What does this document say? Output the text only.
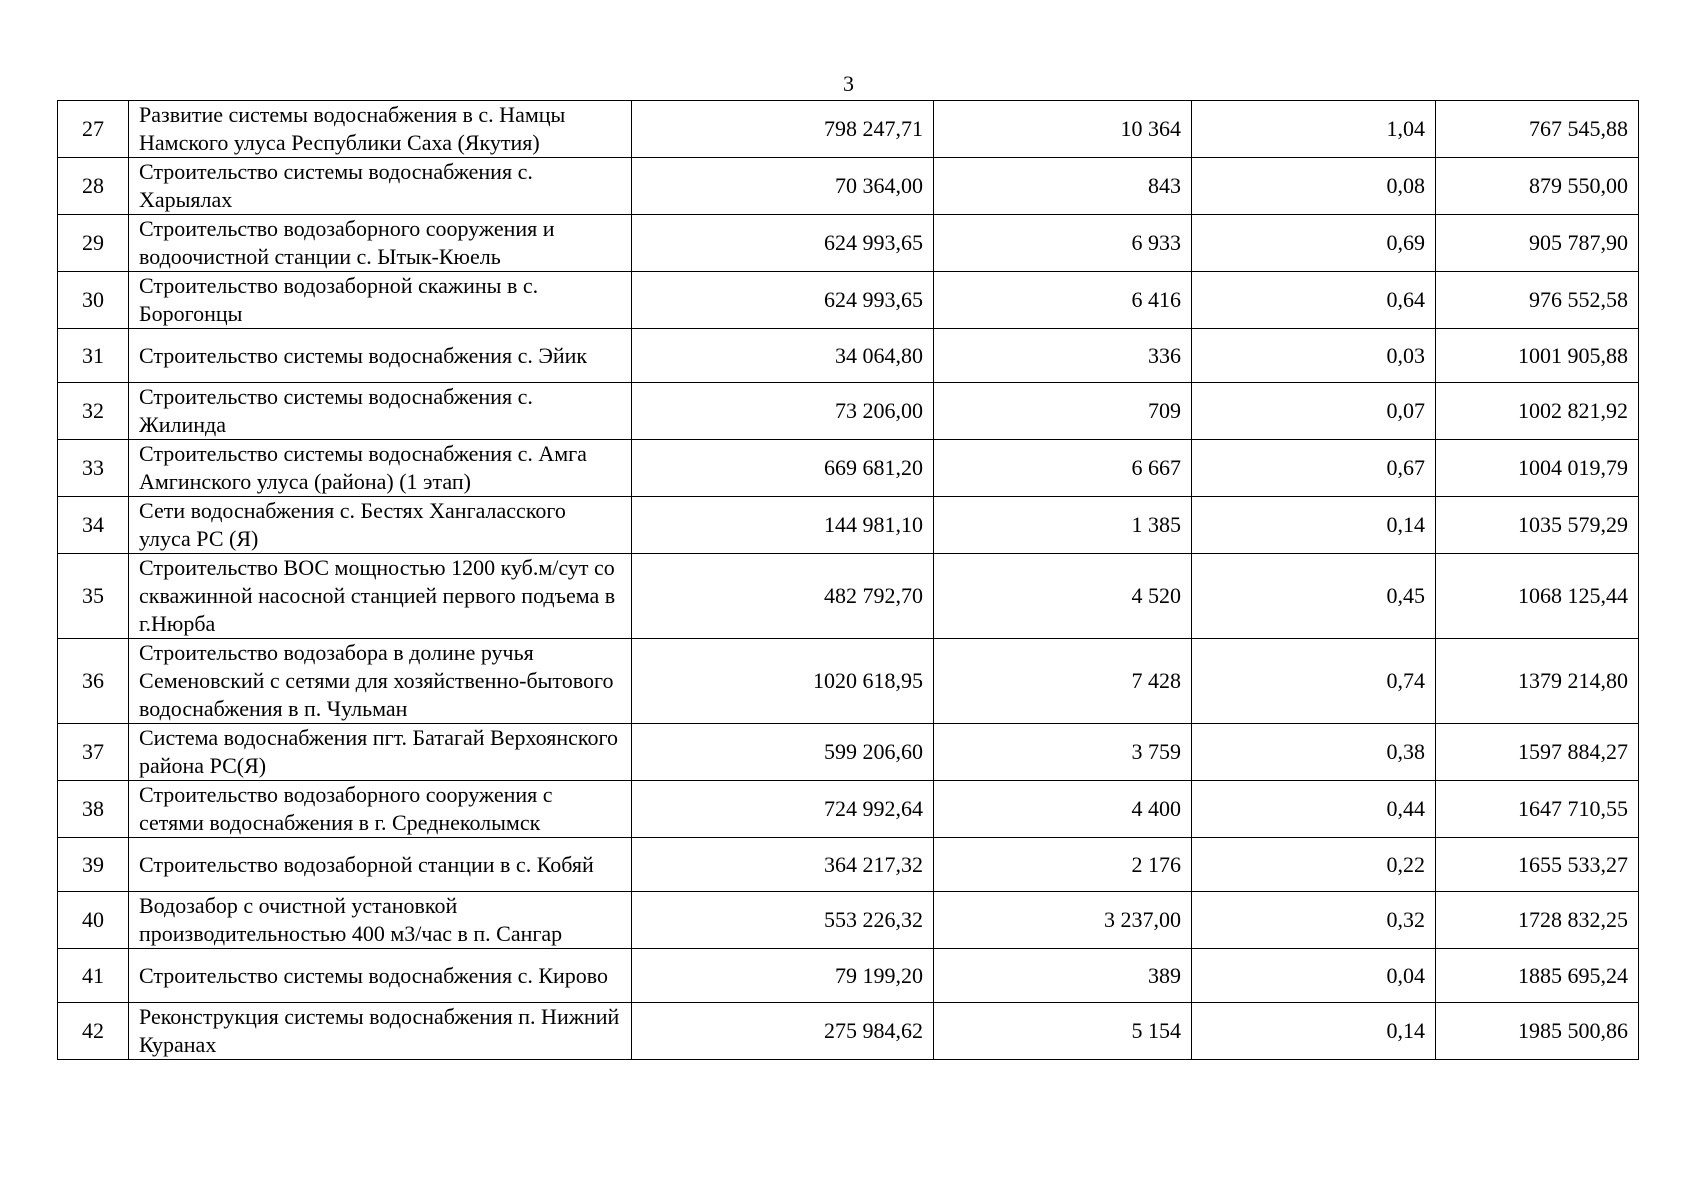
3
27	Развитие системы водоснабжения в с. Намцы Намского улуса Республики Саха (Якутия)	798 247,71	10 364	1,04	767 545,88
28	Строительство системы водоснабжения с. Харыялах	70 364,00	843	0,08	879 550,00
29	Строительство водозаборного сооружения и водоочистной станции с. Ытык-Кюель	624 993,65	6 933	0,69	905 787,90
30	Строительство водозаборной скажины в с. Борогонцы	624 993,65	6 416	0,64	976 552,58
31	Строительство системы водоснабжения с. Эйик	34 064,80	336	0,03	1001 905,88
32	Строительство системы водоснабжения с. Жилинда	73 206,00	709	0,07	1002 821,92
33	Строительство системы водоснабжения с. Амга Амгинского улуса (района) (1 этап)	669 681,20	6 667	0,67	1004 019,79
34	Сети водоснабжения с. Бестях Хангаласского улуса РС (Я)	144 981,10	1 385	0,14	1035 579,29
35	Строительство ВОС мощностью 1200 куб.м/сут со скважинной насосной станцией первого подъема в г.Нюрба	482 792,70	4 520	0,45	1068 125,44
36	Строительство водозабора в долине ручья Семеновский с сетями для хозяйственно-бытового водоснабжения в п. Чульман	1020 618,95	7 428	0,74	1379 214,80
37	Система водоснабжения пгт. Батагай Верхоянского района РС(Я)	599 206,60	3 759	0,38	1597 884,27
38	Строительство водозаборного сооружения с сетями водоснабжения в г. Среднеколымск	724 992,64	4 400	0,44	1647 710,55
39	Строительство водозаборной станции в с. Кобяй	364 217,32	2 176	0,22	1655 533,27
40	Водозабор с очистной установкой производительностью 400 м3/час в п. Сангар	553 226,32	3 237,00	0,32	1728 832,25
41	Строительство системы водоснабжения с. Кирово	79 199,20	389	0,04	1885 695,24
42	Реконструкция системы водоснабжения п. Нижний Куранах	275 984,62	5 154	0,14	1985 500,86
